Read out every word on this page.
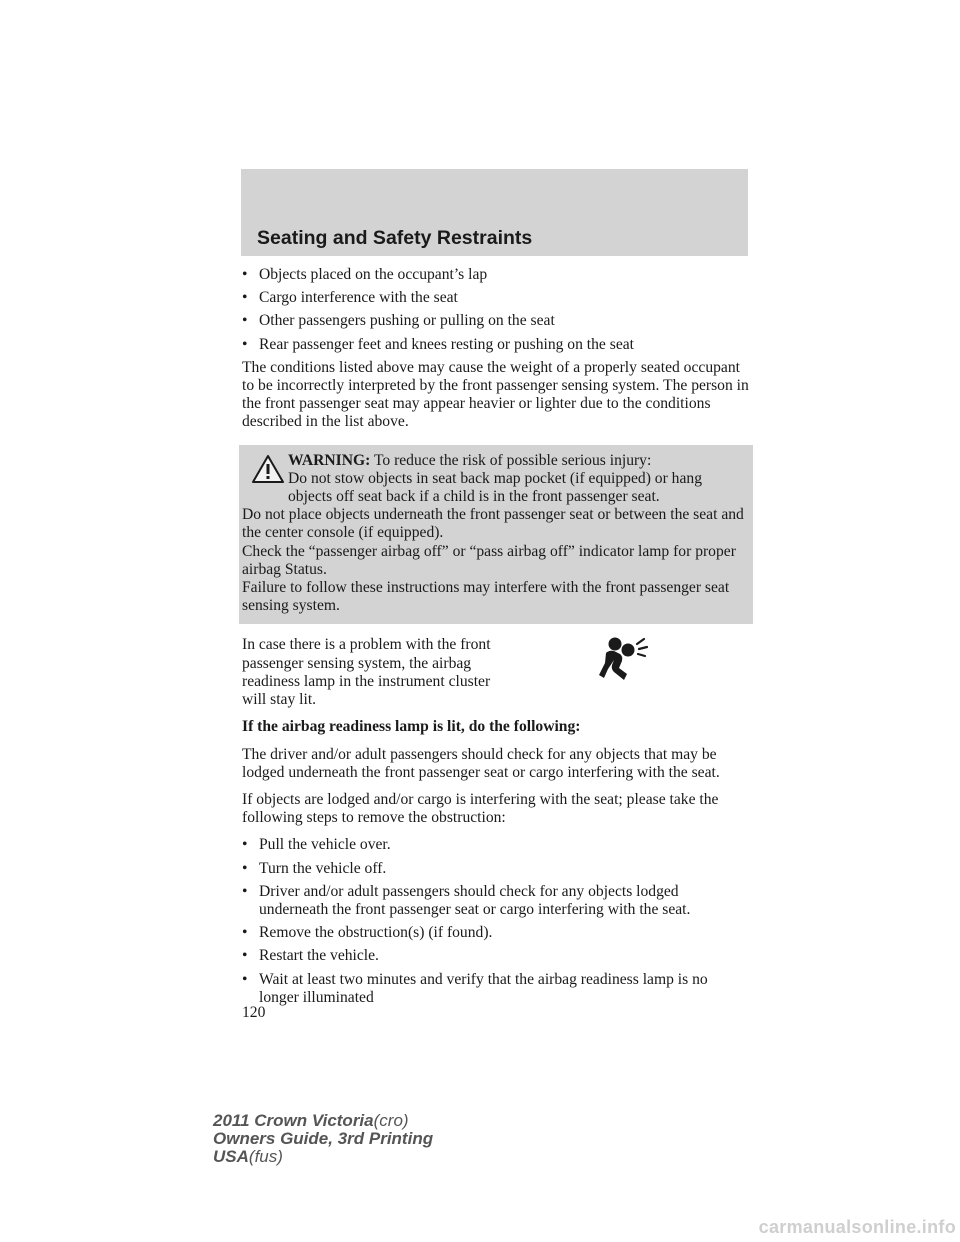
Seating and Safety Restraints
• Objects placed on the occupant’s lap
• Cargo interference with the seat
• Other passengers pushing or pulling on the seat
• Rear passenger feet and knees resting or pushing on the seat

The conditions listed above may cause the weight of a properly seated occupant to be incorrectly interpreted by the front passenger sensing system. The person in the front passenger seat may appear heavier or lighter due to the conditions described in the list above.

WARNING: To reduce the risk of possible serious injury:
Do not stow objects in seat back map pocket (if equipped) or hang objects off seat back if a child is in the front passenger seat.
Do not place objects underneath the front passenger seat or between the seat and the center console (if equipped).
Check the “passenger airbag off” or “pass airbag off” indicator lamp for proper airbag Status.
Failure to follow these instructions may interfere with the front passenger seat sensing system.
In case there is a problem with the front passenger sensing system, the airbag readiness lamp in the instrument cluster will stay lit.
If the airbag readiness lamp is lit, do the following:

The driver and/or adult passengers should check for any objects that may be lodged underneath the front passenger seat or cargo interfering with the seat.

If objects are lodged and/or cargo is interfering with the seat; please take the following steps to remove the obstruction:

• Pull the vehicle over.
• Turn the vehicle off.
• Driver and/or adult passengers should check for any objects lodged underneath the front passenger seat or cargo interfering with the seat.
• Remove the obstruction(s) (if found).
• Restart the vehicle.
• Wait at least two minutes and verify that the airbag readiness lamp is no longer illuminated
120
2011 Crown Victoria(cro)
Owners Guide, 3rd Printing
USA(fus)
carmanualsonline.info
